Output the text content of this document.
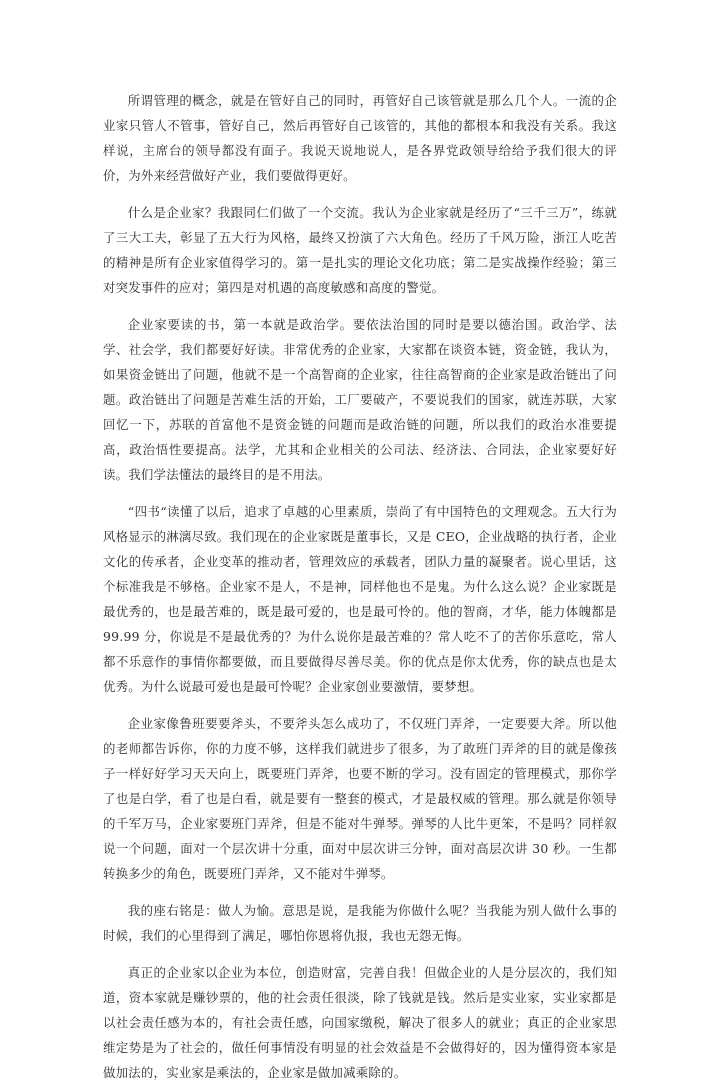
所谓管理的概念，就是在管好自己的同时，再管好自己该管就是那么几个人。一流的企业家只管人不管事，管好自己，然后再管好自己该管的，其他的都根本和我没有关系。我这样说，主席台的领导都没有面子。我说天说地说人，是各界党政领导给给予我们很大的评价，为外来经营做好产业，我们要做得更好。

什么是企业家？我跟同仁们做了一个交流。我认为企业家就是经历了“三千三万”，练就了三大工夫，彰显了五大行为风格，最终又扮演了六大角色。经历了千风万险，浙江人吃苦的精神是所有企业家值得学习的。第一是扎实的理论文化功底；第二是实战操作经验；第三对突发事件的应对；第四是对机遇的高度敏感和高度的警觉。

企业家要读的书，第一本就是政治学。要依法治国的同时是要以德治国。政治学、法学、社会学，我们都要好好读。非常优秀的企业家，大家都在谈资本链，资金链，我认为，如果资金链出了问题，他就不是一个高智商的企业家，往往高智商的企业家是政治链出了问题。政治链出了问题是苦难生活的开始，工厂要破产，不要说我们的国家，就连苏联，大家回忆一下，苏联的首富他不是资金链的问题而是政治链的问题，所以我们的政治水准要提高，政治悟性要提高。法学，尤其和企业相关的公司法、经济法、合同法，企业家要好好读。我们学法懂法的最终目的是不用法。

“四书“读懂了以后，追求了卓越的心里素质，崇尚了有中国特色的文理观念。五大行为风格显示的淋漓尽致。我们现在的企业家既是董事长，又是 CEO，企业战略的执行者，企业文化的传承者，企业变革的推动者，管理效应的承载者，团队力量的凝聚者。说心里话，这个标准我是不够格。企业家不是人，不是神，同样他也不是鬼。为什么这么说？企业家既是最优秀的，也是最苦难的，既是最可爱的，也是最可怜的。他的智商，才华，能力体魄都是 99.99 分，你说是不是最优秀的？为什么说你是最苦难的？常人吃不了的苦你乐意吃，常人都不乐意作的事情你都要做，而且要做得尽善尽美。你的优点是你太优秀，你的缺点也是太优秀。为什么说最可爱也是最可怜呢？企业家创业要激情，要梦想。

企业家像鲁班要要斧头，不要斧头怎么成功了，不仅班门弄斧，一定要要大斧。所以他的老师都告诉你，你的力度不够，这样我们就进步了很多，为了敢班门弄斧的目的就是像孩子一样好好学习天天向上，既要班门弄斧，也要不断的学习。没有固定的管理模式，那你学了也是白学，看了也是白看，就是要有一整套的模式，才是最权威的管理。那么就是你领导的千军万马，企业家要班门弄斧，但是不能对牛弹琴。弹琴的人比牛更笨，不是吗？同样叙说一个问题，面对一个层次讲十分重，面对中层次讲三分钟，面对高层次讲 30 秒。一生都转换多少的角色，既要班门弄斧，又不能对牛弹琴。

我的座右铭是：做人为愉。意思是说，是我能为你做什么呢？当我能为别人做什么事的时候，我们的心里得到了满足，哪怕你恩将仇报，我也无怨无悔。

真正的企业家以企业为本位，创造财富，完善自我！但做企业的人是分层次的，我们知道，资本家就是赚钞票的，他的社会责任很淡，除了钱就是钱。然后是实业家，实业家都是以社会责任感为本的，有社会责任感，向国家缴税，解决了很多人的就业；真正的企业家思维定势是为了社会的，做任何事情没有明显的社会效益是不会做得好的，因为懂得资本家是做加法的，实业家是乘法的，企业家是做加减乘除的。
